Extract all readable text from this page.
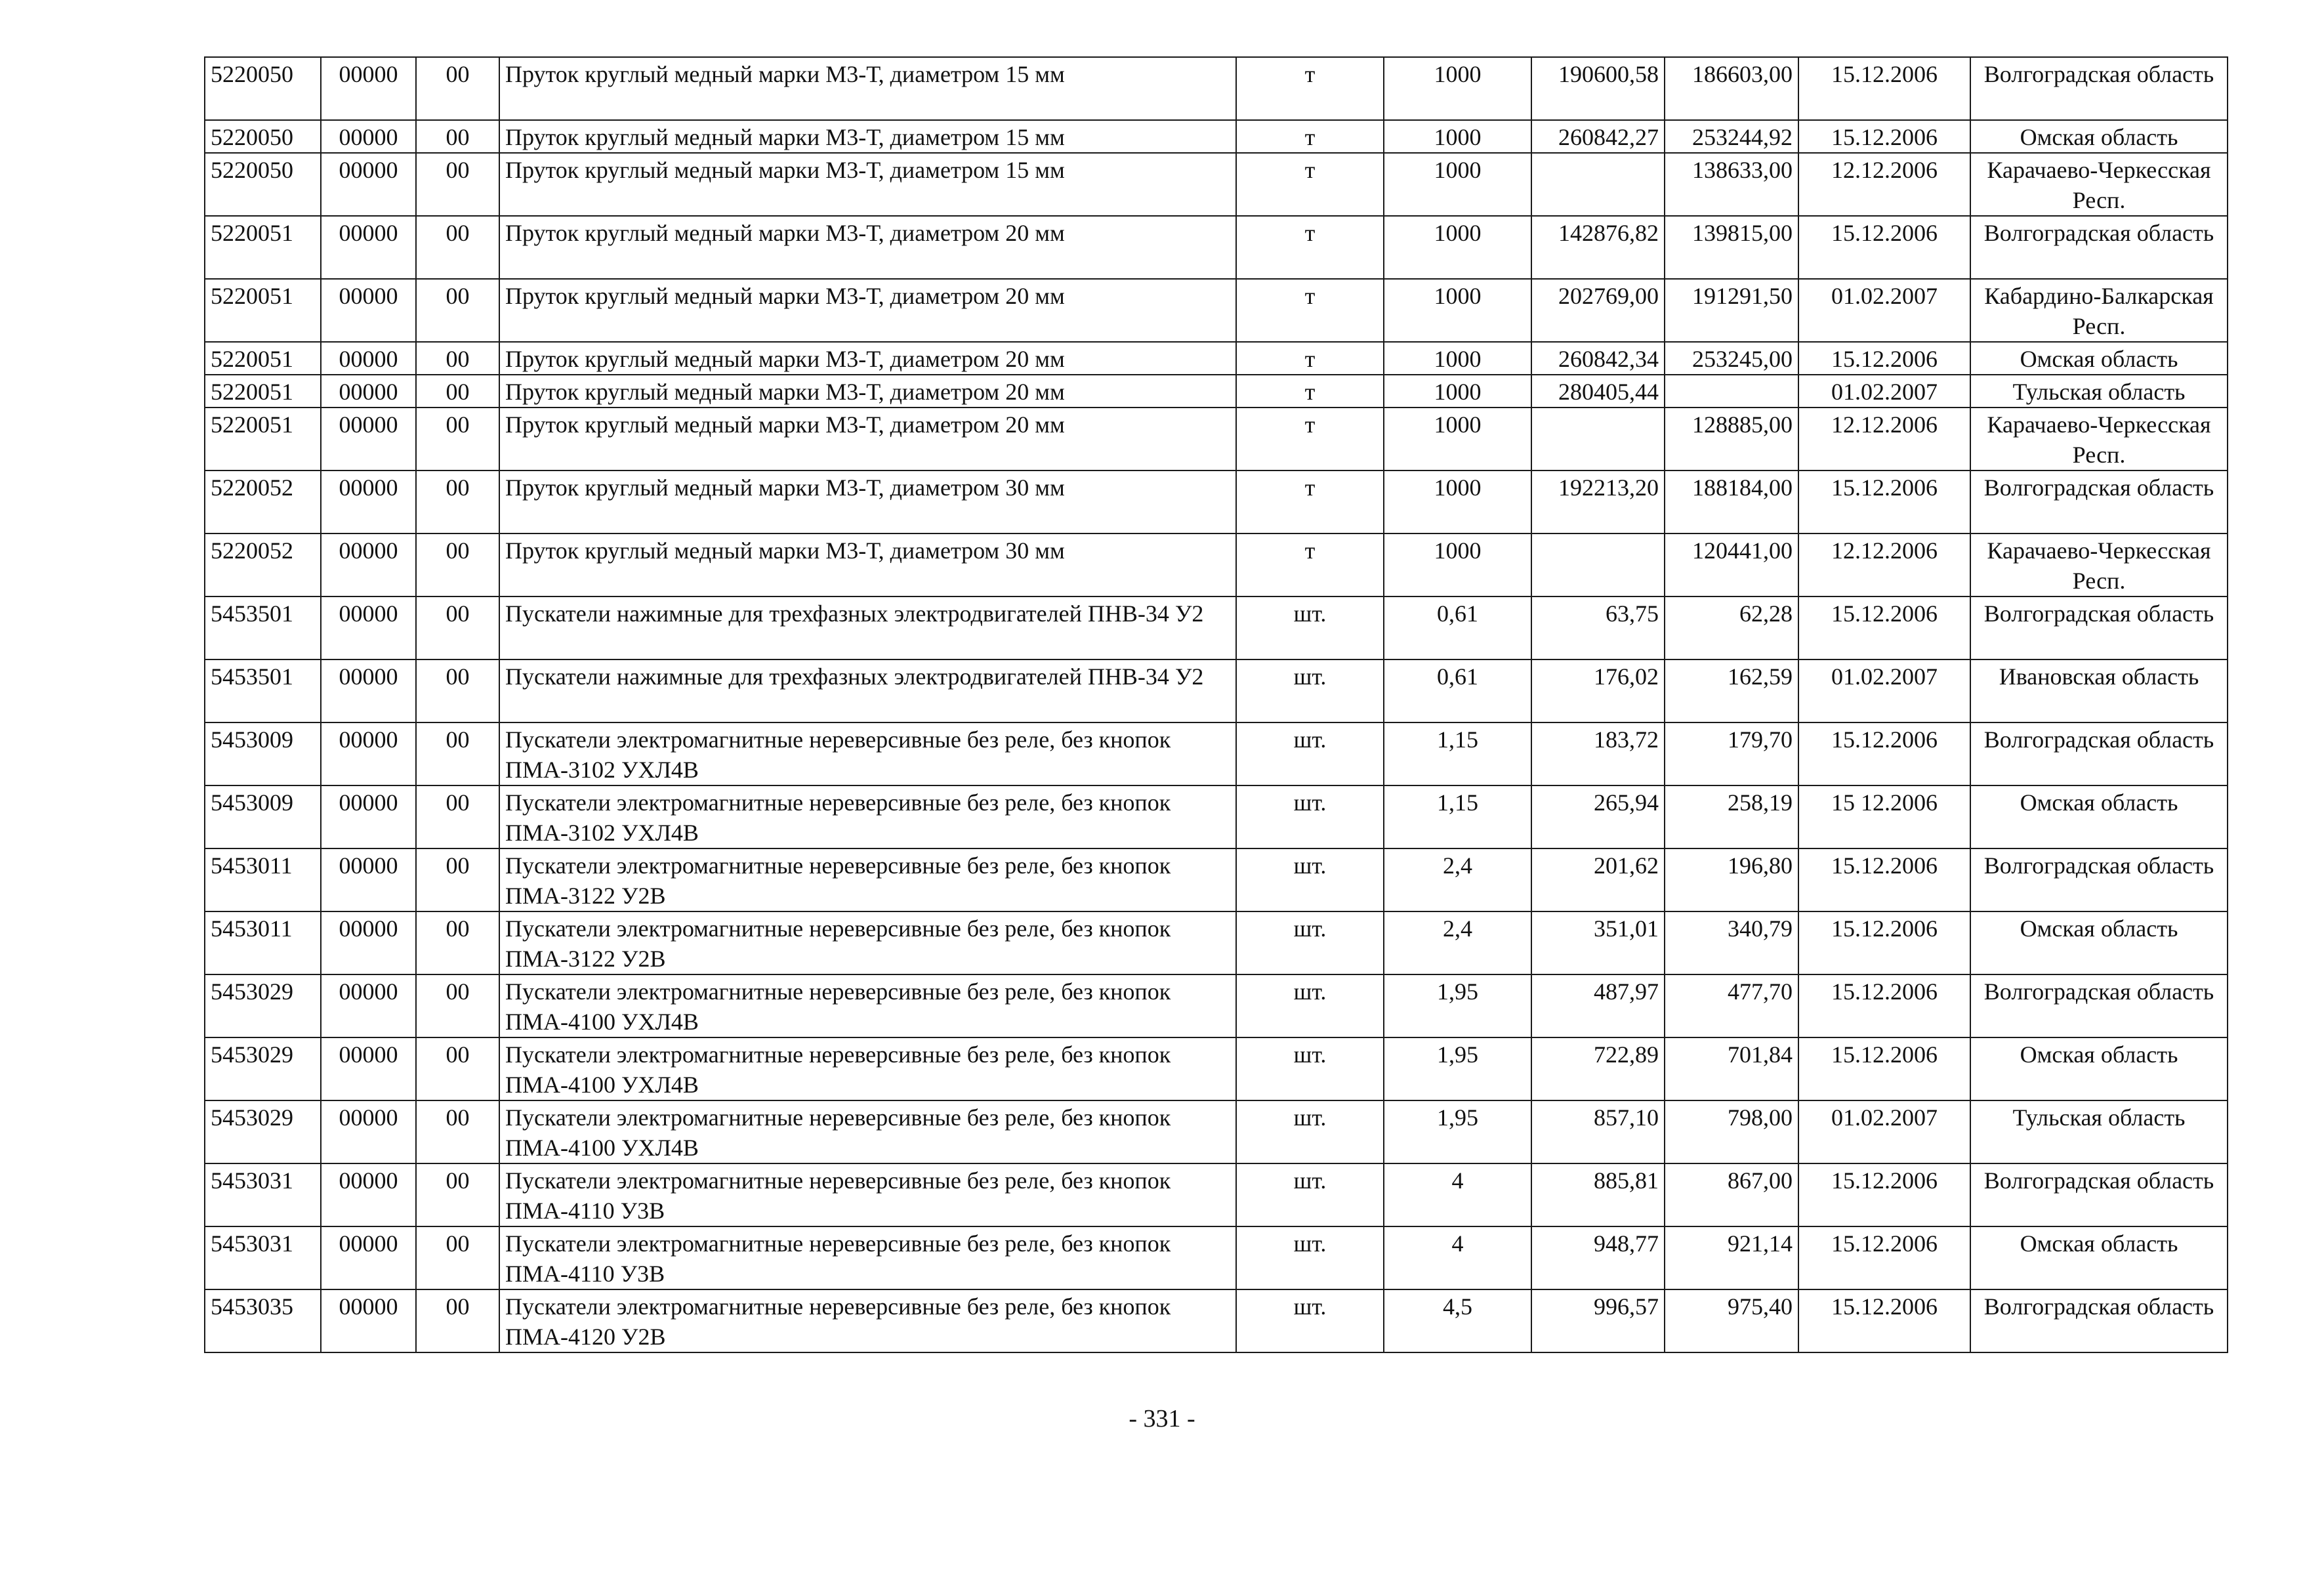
5220050	00000	00	Пруток круглый медный марки М3-Т, диаметром 15 мм	т	1000	190600,58	186603,00	15.12.2006	Волгоградская область
5220050	00000	00	Пруток круглый медный марки М3-Т, диаметром 15 мм	т	1000	260842,27	253244,92	15.12.2006	Омская область
5220050	00000	00	Пруток круглый медный марки М3-Т, диаметром 15 мм	т	1000		138633,00	12.12.2006	Карачаево-Черкесская Респ.
5220051	00000	00	Пруток круглый медный марки М3-Т, диаметром 20 мм	т	1000	142876,82	139815,00	15.12.2006	Волгоградская область
5220051	00000	00	Пруток круглый медный марки М3-Т, диаметром 20 мм	т	1000	202769,00	191291,50	01.02.2007	Кабардино-Балкарская Респ.
5220051	00000	00	Пруток круглый медный марки М3-Т, диаметром 20 мм	т	1000	260842,34	253245,00	15.12.2006	Омская область
5220051	00000	00	Пруток круглый медный марки М3-Т, диаметром 20 мм	т	1000	280405,44		01.02.2007	Тульская область
5220051	00000	00	Пруток круглый медный марки М3-Т, диаметром 20 мм	т	1000		128885,00	12.12.2006	Карачаево-Черкесская Респ.
5220052	00000	00	Пруток круглый медный марки М3-Т, диаметром 30 мм	т	1000	192213,20	188184,00	15.12.2006	Волгоградская область
5220052	00000	00	Пруток круглый медный марки М3-Т, диаметром 30 мм	т	1000		120441,00	12.12.2006	Карачаево-Черкесская Респ.
5453501	00000	00	Пускатели нажимные для трехфазных электродвигателей ПНВ-34 У2	шт.	0,61	63,75	62,28	15.12.2006	Волгоградская область
5453501	00000	00	Пускатели нажимные для трехфазных электродвигателей ПНВ-34 У2	шт.	0,61	176,02	162,59	01.02.2007	Ивановская область
5453009	00000	00	Пускатели электромагнитные нереверсивные без реле, без кнопок ПМА-3102 УХЛ4В	шт.	1,15	183,72	179,70	15.12.2006	Волгоградская область
5453009	00000	00	Пускатели электромагнитные нереверсивные без реле, без кнопок ПМА-3102 УХЛ4В	шт.	1,15	265,94	258,19	15 12.2006	Омская область
5453011	00000	00	Пускатели электромагнитные нереверсивные без реле, без кнопок ПМА-3122 У2В	шт.	2,4	201,62	196,80	15.12.2006	Волгоградская область
5453011	00000	00	Пускатели электромагнитные нереверсивные без реле, без кнопок ПМА-3122 У2В	шт.	2,4	351,01	340,79	15.12.2006	Омская область
5453029	00000	00	Пускатели электромагнитные нереверсивные без реле, без кнопок ПМА-4100 УХЛ4В	шт.	1,95	487,97	477,70	15.12.2006	Волгоградская область
5453029	00000	00	Пускатели электромагнитные нереверсивные без реле, без кнопок ПМА-4100 УХЛ4В	шт.	1,95	722,89	701,84	15.12.2006	Омская область
5453029	00000	00	Пускатели электромагнитные нереверсивные без реле, без кнопок ПМА-4100 УХЛ4В	шт.	1,95	857,10	798,00	01.02.2007	Тульская область
5453031	00000	00	Пускатели электромагнитные нереверсивные без реле, без кнопок ПМА-4110 У3В	шт.	4	885,81	867,00	15.12.2006	Волгоградская область
5453031	00000	00	Пускатели электромагнитные нереверсивные без реле, без кнопок ПМА-4110 У3В	шт.	4	948,77	921,14	15.12.2006	Омская область
5453035	00000	00	Пускатели электромагнитные нереверсивные без реле, без кнопок ПМА-4120 У2В	шт.	4,5	996,57	975,40	15.12.2006	Волгоградская область
- 331 -
